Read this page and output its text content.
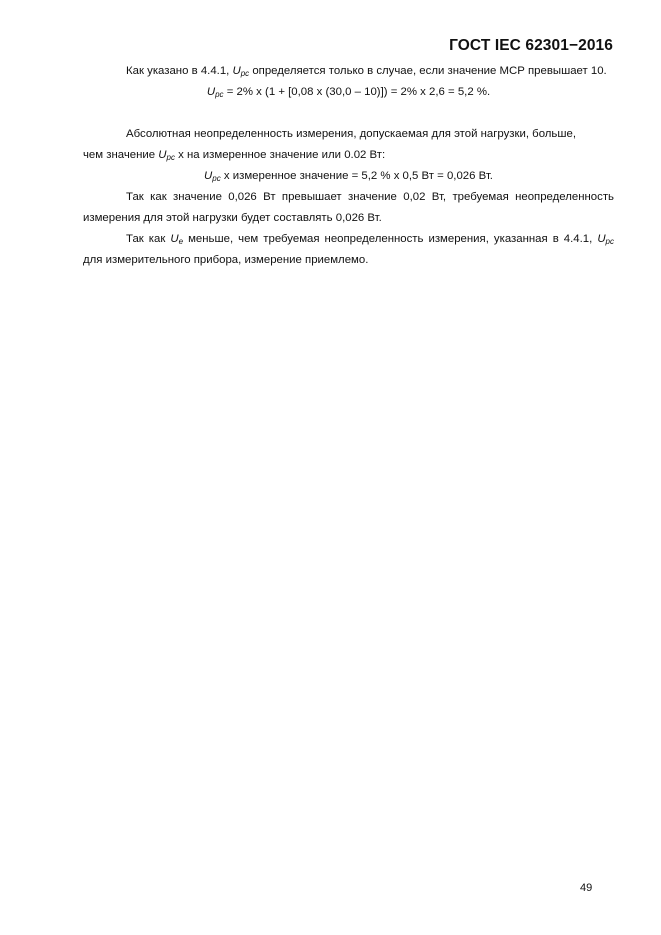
ГОСТ IEC 62301−2016

Как указано в 4.4.1, $U_{pc}$ определяется только в случае, если значение МСР превышает 10.

$U_{pc} = 2\%$ x (1 + [0,08 x (30,0 – 10)]) = 2% x 2,6 = 5,2 %.

Абсолютная неопределенность измерения, допускаемая для этой нагрузки, больше,

чем значение $U_{pc}$ x на измеренное значение или 0.02 Вт:

$U_{pc}$ x измеренное значение = 5,2 % x 0,5 Вт = 0,026 Вт.

Так как значение 0,026 Вт превышает значение 0,02 Вт, требуемая неопределенность измерения для этой нагрузки будет составлять 0,026 Вт.

Так как $U_e$ меньше, чем требуемая неопределенность измерения, указанная в 4.4.1, $U_{pc}$ для измерительного прибора, измерение приемлемо.

49
